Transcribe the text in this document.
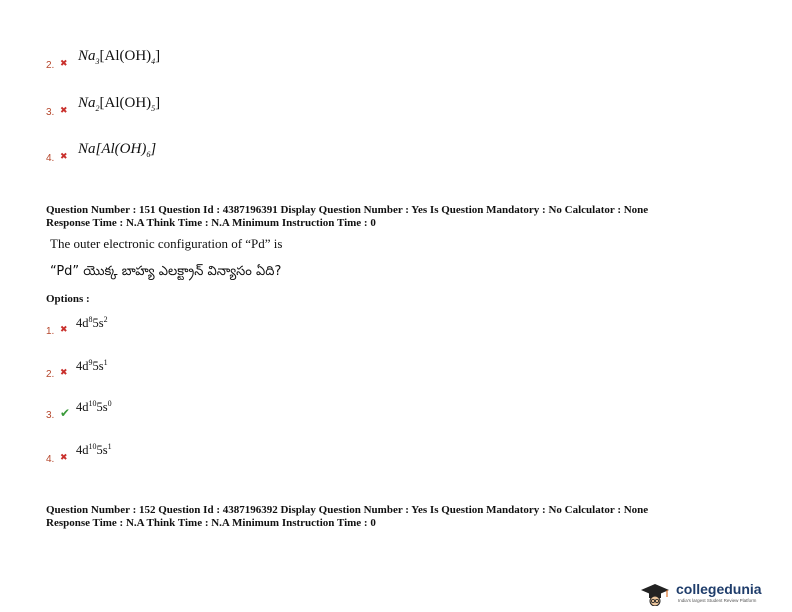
2. ✖ $Na_3[Al(OH)_4]$
3. ✖ $Na_2[Al(OH)_5]$
4. ✖ $Na[Al(OH)_6]$
Question Number : 151 Question Id : 4387196391 Display Question Number : Yes Is Question Mandatory : No Calculator : None
Response Time : N.A Think Time : N.A Minimum Instruction Time : 0
The outer electronic configuration of “Pd” is
“Pd” యొక్క బాహ్య ఎలక్ట్రాన్ విన్యాసం ఏది?
Options :
1. ✖ $4d^85s^2$
2. ✖ $4d^95s^1$
3. ✔ $4d^{10}5s^0$
4. ✖ $4d^{10}5s^1$
Question Number : 152 Question Id : 4387196392 Display Question Number : Yes Is Question Mandatory : No Calculator : None
Response Time : N.A Think Time : N.A Minimum Instruction Time : 0
collegedunia
India's largest Student Review Platform
